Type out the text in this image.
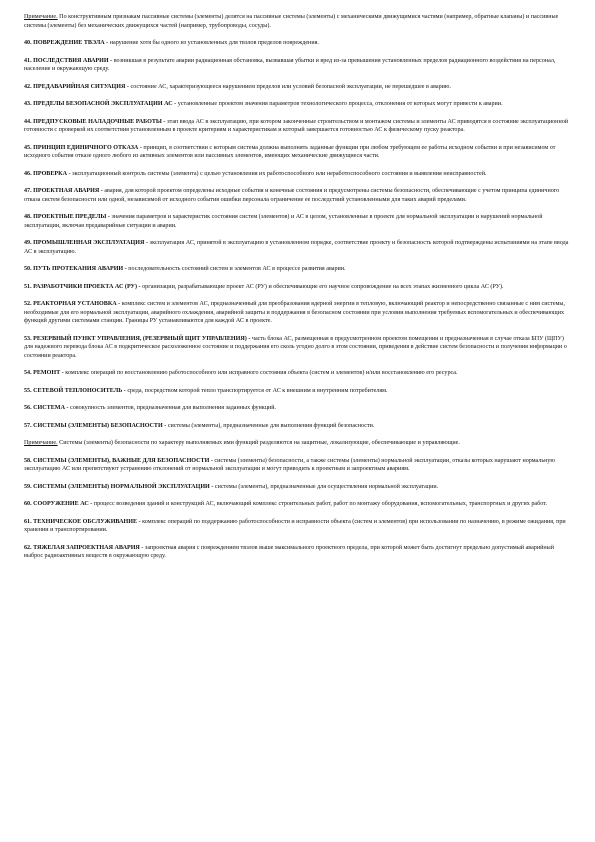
Примечание. По конструктивным признакам пассивные системы (элементы) делятся на пассивные системы (элементы) с механическими движущимися частями (например, обратные клапаны) и пассивные системы (элементы) без механических движущихся частей (например, трубопроводы, сосуды).

40. ПОВРЕЖДЕНИЕ ТВЭЛА - нарушение хотя бы одного из установленных для твэлов пределов повреждения.

41. ПОСЛЕДСТВИЯ АВАРИИ - возникшая в результате аварии радиационная обстановка, вызвавшая убытки и вред из-за превышения установленных пределов радиационного воздействия на персонал, население и окружающую среду.

42. ПРЕДАВАРИЙНАЯ СИТУАЦИЯ - состояние АС, характеризующееся нарушением пределов или условий безопасной эксплуатации, не перешедшее в аварию.

43. ПРЕДЕЛЫ БЕЗОПАСНОЙ ЭКСПЛУАТАЦИИ АС - установленные проектом значения параметров технологического процесса, отклонения от которых могут привести к аварии.

44. ПРЕДПУСКОВЫЕ НАЛАДОЧНЫЕ РАБОТЫ - этап ввода АС в эксплуатацию, при котором законченные строительством и монтажом системы и элементы АС приводятся в состояние эксплуатационной готовности с проверкой их соответствия установленным в проекте критериям и характеристикам и который завершается готовностью АС к физическому пуску реактора.

45. ПРИНЦИП ЕДИНИЧНОГО ОТКАЗА - принцип, в соответствии с которым система должна выполнять заданные функции при любом требующем ее работы исходном событии и при независимом от исходного события отказе одного любого из активных элементов или пассивных элементов, имеющих механические движущиеся части.

46. ПРОВЕРКА - эксплуатационный контроль системы (элемента) с целью установления их работоспособного или неработоспособного состояния и выявления неисправностей.

47. ПРОЕКТНАЯ АВАРИЯ - авария, для которой проектом определены исходные события и конечные состояния и предусмотрены системы безопасности, обеспечивающие с учетом принципа единичного отказа систем безопасности или одной, независимой от исходного события ошибки персонала ограничение ее последствий установленными для таких аварий пределами.

48. ПРОЕКТНЫЕ ПРЕДЕЛЫ - значения параметров и характеристик состояния систем (элементов) и АС в целом, установленные в проекте для нормальной эксплуатации и нарушений нормальной эксплуатации, включая предаварийные ситуации и аварии.

49. ПРОМЫШЛЕННАЯ ЭКСПЛУАТАЦИЯ - эксплуатация АС, принятой в эксплуатацию в установленном порядке, соответствие проекту и безопасность которой подтверждены испытаниями на этапе ввода АС в эксплуатацию.

50. ПУТЬ ПРОТЕКАНИЯ АВАРИИ - последовательность состояний систем и элементов АС в процессе развития аварии.

51. РАЗРАБОТЧИКИ ПРОЕКТА АС (РУ) - организации, разрабатывающие проект АС (РУ) и обеспечивающие его научное сопровождение на всех этапах жизненного цикла АС (РУ).

52. РЕАКТОРНАЯ УСТАНОВКА - комплекс систем и элементов АС, предназначенный для преобразования ядерной энергии в тепловую, включающий реактор и непосредственно связанные с ним системы, необходимые для его нормальной эксплуатации, аварийного охлаждения, аварийной защиты и поддержания в безопасном состоянии при условии выполнения требуемых вспомогательных и обеспечивающих функций другими системами станции. Границы РУ устанавливаются для каждой АС в проекте.

53. РЕЗЕРВНЫЙ ПУНКТ УПРАВЛЕНИЯ, (РЕЗЕРВНЫЙ ЩИТ УПРАВЛЕНИЯ) - часть блока АС, размещенная в предусмотренном проектом помещении и предназначенная в случае отказа БПУ (ЩПУ) для надежного перевода блока АС в подкритическое расхоложенное состояние и поддержания его сколь угодно долго в этом состоянии, приведения в действие систем безопасности и получения информации о состоянии реактора.

54. РЕМОНТ - комплекс операций по восстановлению работоспособного или исправного состояния объекта (систем и элементов) и/или восстановлению его ресурса.

55. СЕТЕВОЙ ТЕПЛОНОСИТЕЛЬ - среда, посредством которой тепло транспортируется от АС к внешним и внутренним потребителям.

56. СИСТЕМА - совокупность элементов, предназначенная для выполнения заданных функций.

57. СИСТЕМЫ (ЭЛЕМЕНТЫ) БЕЗОПАСНОСТИ - системы (элементы), предназначенные для выполнения функций безопасности.

Примечание. Системы (элементы) безопасности по характеру выполняемых ими функций разделяются на защитные, локализующие, обеспечивающие и управляющие.

58. СИСТЕМЫ (ЭЛЕМЕНТЫ), ВАЖНЫЕ ДЛЯ БЕЗОПАСНОСТИ - системы (элементы) безопасности, а также системы (элементы) нормальной эксплуатации, отказы которых нарушают нормальную эксплуатацию АС или препятствуют устранению отклонений от нормальной эксплуатации и могут приводить к проектным и запроектным авариям.

59. СИСТЕМЫ (ЭЛЕМЕНТЫ) НОРМАЛЬНОЙ ЭКСПЛУАТАЦИИ - системы (элементы), предназначенные для осуществления нормальной эксплуатации.

60. СООРУЖЕНИЕ АС - процесс возведения зданий и конструкций АС, включающий комплекс строительных работ, работ по монтажу оборудования, вспомогательных, транспортных и других работ.

61. ТЕХНИЧЕСКОЕ ОБСЛУЖИВАНИЕ - комплекс операций по поддержанию работоспособности и исправности объекта (систем и элементов) при использовании по назначению, в режиме ожидания, при хранении и транспортировании.

62. ТЯЖЕЛАЯ ЗАПРОЕКТНАЯ АВАРИЯ - запроектная авария с повреждением твэлов выше максимального проектного предела, при которой может быть достигнут предельно допустимый аварийный выброс радиоактивных веществ в окружающую среду.
